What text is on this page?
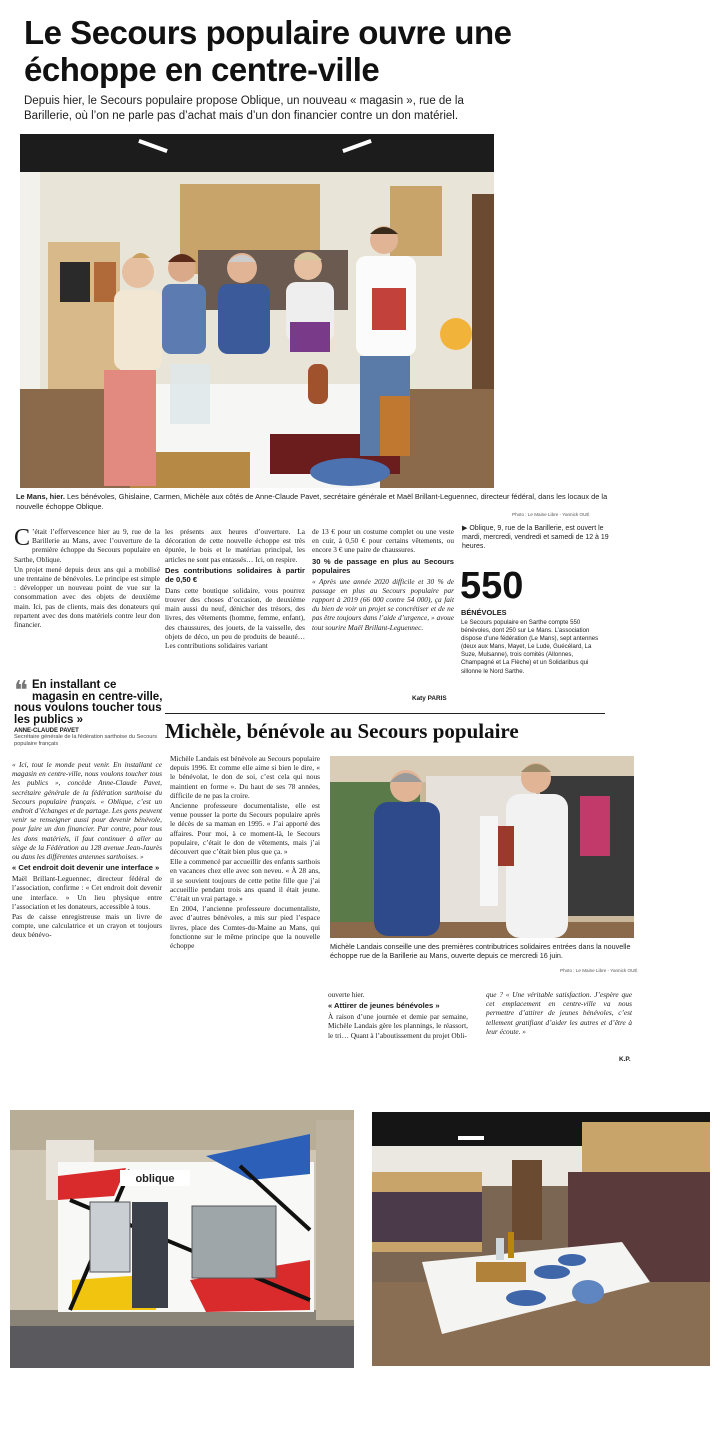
Le Secours populaire ouvre une échoppe en centre-ville

Depuis hier, le Secours populaire propose Oblique, un nouveau « magasin », rue de la Barillerie, où l’on ne parle pas d’achat mais d’un don financier contre un don matériel.

Le Mans, hier. Les bénévoles, Ghislaine, Carmen, Michèle aux côtés de Anne-Claude Pavet, secrétaire générale et Maël Brillant-Leguennec, directeur fédéral, dans les locaux de la nouvelle échoppe Oblique.

Photo : Le Maine Libre - Yannick OUÉ

C ’était l’effervescence hier au 9, rue de la Barillerie au Mans, avec l’ouverture de la première échoppe du Secours populaire en Sarthe, Oblique.

Un projet mené depuis deux ans qui a mobilisé une trentaine de bénévoles. Le principe est simple : développer un nouveau point de vue sur la consommation avec des objets de deuxième main. Ici, pas de clients, mais des donateurs qui repartent avec des dons matériels contre leur don financier.

❝ En installant ce magasin en centre-ville, nous voulons toucher tous les publics »
ANNE-CLAUDE PAVET
Secrétaire générale de la fédération sarthoise du Secours populaire français

« Ici, tout le monde peut venir. En installant ce magasin en centre-ville, nous voulons toucher tous les publics », concède Anne-Claude Pavet, secrétaire générale de la fédération sarthoise du Secours populaire français. « Oblique, c’est un endroit d’échanges et de partage. Les gens peuvent venir se renseigner aussi pour devenir bénévole, pour faire un don financier. Par contre, pour tous les dons matériels, il faut continuer à aller au siège de la Fédération au 128 avenue Jean-Jaurès ou dans les différentes antennes sarthoises. »

« Cet endroit doit devenir une interface »

Maël Brillant-Leguennec, directeur fédéral de l’association, confirme : « Cet endroit doit devenir une interface. » Un lieu physique entre l’association et les donateurs, accessible à tous.

Pas de caisse enregistreuse mais un livre de compte, une calculatrice et un crayon et toujours deux bénévo-

les présents aux heures d’ouverture. La décoration de cette nouvelle échoppe est très épurée, le bois et le matériau principal, les articles ne sont pas entassés… Ici, on respire.

Des contributions solidaires à partir de 0,50 €

Dans cette boutique solidaire, vous pourrez trouver des choses d’occasion, de deuxième main aussi du neuf, dénicher des trésors, des livres, des vêtements (homme, femme, enfant), des chaussures, des jouets, de la vaisselle, des objets de déco, un peu de produits de beauté… Les contributions solidaires variant

de 13 € pour un costume complet ou une veste en cuir, à 0,50 € pour certains vêtements, ou encore 3 € une paire de chaussures.

30 % de passage en plus au Secours populaires

« Après une année 2020 difficile et 30 % de passage en plus au Secours populaire par rapport à 2019 (66 000 contre 54 000), ça fait du bien de voir un projet se concrétiser et de ne pas être toujours dans l’aide d’urgence, » avoue tout sourire Maël Brillant-Leguennec.

Katy PARIS
▶ Oblique, 9, rue de la Barillerie, est ouvert le mardi, mercredi, vendredi et samedi de 12 à 19 heures.
550
BÉNÉVOLES
Le Secours populaire en Sarthe compte 550 bénévoles, dont 250 sur Le Mans. L’association dispose d’une fédération (Le Mans), sept antennes (deux aux Mans, Mayet, Le Lude, Guécélard, La Suze, Mulsanne), trois comités (Allonnes, Champagné et La Flèche) et un Solidaribus qui sillonne le Nord Sarthe.
Michèle, bénévole au Secours populaire

Michèle Landais est bénévole au Secours populaire depuis 1996. Et comme elle aime si bien le dire, « le bénévolat, le don de soi, c’est cela qui nous maintient en forme ». Du haut de ses 78 années, difficile de ne pas la croire.

Ancienne professeure documentaliste, elle est venue pousser la porte du Secours populaire après le décès de sa maman en 1995. « J’ai apporté des affaires. Pour moi, à ce moment-là, le Secours populaire, c’était le don de vêtements, mais j’ai découvert que c’était bien plus que ça. »

Elle a commencé par accueillir des enfants sarthois en vacances chez elle avec son neveu. « À 28 ans, il se souvient toujours de cette petite fille que j’ai accueillie pendant trois ans quand il était jeune. C’était un vrai partage. »

En 2004, l’ancienne professeure documentaliste, avec d’autres bénévoles, a mis sur pied l’espace livres, place des Comtes-du-Maine au Mans, qui fonctionne sur le même principe que la nouvelle échoppe	Michèle Landais conseille une des premières contributrices solidaires entrées dans la nouvelle échoppe rue de la Barillerie au Mans, ouverte depuis ce mercredi 16 juin.

Photo : Le Maine Libre - Yannick OUÉ

ouverte hier.

« Attirer de jeunes bénévoles »

À raison d’une journée et demie par semaine, Michèle Landais gère les plannings, le réassort, le tri… Quant à l’aboutissement du projet Obli-

que ? « Une véritable satisfaction. J’espère que cet emplacement en centre-ville va nous permettre d’attirer de jeunes bénévoles, c’est tellement gratifiant d’aider les autres et d’être à leur écoute. »

K.P.
oblique
